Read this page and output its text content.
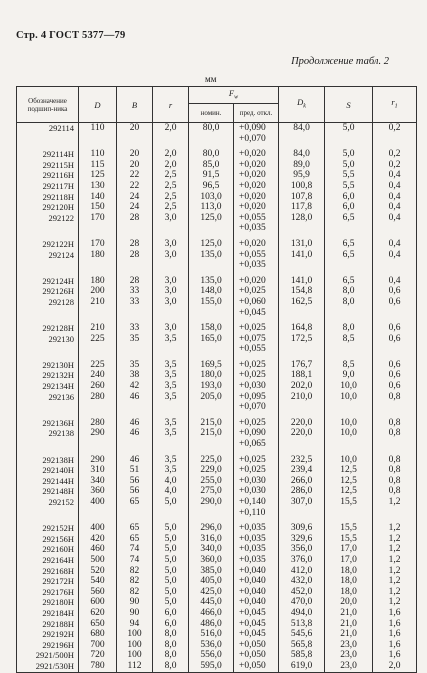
Стр. 4 ГОСТ 5377—79
Продолжение табл. 2
мм
Обозначение подшип-ника	D	B	r	$F_w$		$D_k$	S	$r_1$
				номин.	пред. откл.			
292114	110	20	2,0	80,0	+0,090	84,0	5,0	0,2
					+0,070			

292114Н	110	20	2,0	80,0	+0,020	84,0	5,0	0,2
292115Н	115	20	2,0	85,0	+0,020	89,0	5,0	0,2
292116Н	125	22	2,5	91,5	+0,020	95,9	5,5	0,4
292117Н	130	22	2,5	96,5	+0,020	100,8	5,5	0,4
292118Н	140	24	2,5	103,0	+0,020	107,8	6,0	0,4
292120Н	150	24	2,5	113,0	+0,020	117,8	6,0	0,4
292122	170	28	3,0	125,0	+0,055	128,0	6,5	0,4
					+0,035			

292122Н	170	28	3,0	125,0	+0,020	131,0	6,5	0,4
292124	180	28	3,0	135,0	+0,055	141,0	6,5	0,4
					+0,035			

292124Н	180	28	3,0	135,0	+0,020	141,0	6,5	0,4
292126Н	200	33	3,0	148,0	+0,025	154,8	8,0	0,6
292128	210	33	3,0	155,0	+0,060	162,5	8,0	0,6
					+0,045			

292128Н	210	33	3,0	158,0	+0,025	164,8	8,0	0,6
292130	225	35	3,5	165,0	+0,075	172,5	8,5	0,6
					+0,055			

292130Н	225	35	3,5	169,5	+0,025	176,7	8,5	0,6
292132Н	240	38	3,5	180,0	+0,025	188,1	9,0	0,6
292134Н	260	42	3,5	193,0	+0,030	202,0	10,0	0,6
292136	280	46	3,5	205,0	+0,095	210,0	10,0	0,8
					+0,070			

292136Н	280	46	3,5	215,0	+0,025	220,0	10,0	0,8
292138	290	46	3,5	215,0	+0,090	220,0	10,0	0,8
					+0,065			

292138Н	290	46	3,5	225,0	+0,025	232,5	10,0	0,8
292140Н	310	51	3,5	229,0	+0,025	239,4	12,5	0,8
292144Н	340	56	4,0	255,0	+0,030	266,0	12,5	0,8
292148Н	360	56	4,0	275,0	+0,030	286,0	12,5	0,8
292152	400	65	5,0	290,0	+0,140	307,0	15,5	1,2
					+0,110			

292152Н	400	65	5,0	296,0	+0,035	309,6	15,5	1,2
292156Н	420	65	5,0	316,0	+0,035	329,6	15,5	1,2
292160Н	460	74	5,0	340,0	+0,035	356,0	17,0	1,2
292164Н	500	74	5,0	360,0	+0,035	376,0	17,0	1,2
292168Н	520	82	5,0	385,0	+0,040	412,0	18,0	1,2
292172Н	540	82	5,0	405,0	+0,040	432,0	18,0	1,2
292176Н	560	82	5,0	425,0	+0,040	452,0	18,0	1,2
292180Н	600	90	5,0	445,0	+0,040	470,0	20,0	1,2
292184Н	620	90	6,0	466,0	+0,045	494,0	21,0	1,6
292188Н	650	94	6,0	486,0	+0,045	513,8	21,0	1,6
292192Н	680	100	8,0	516,0	+0,045	545,6	21,0	1,6
292196Н	700	100	8,0	536,0	+0,050	565,8	23,0	1,6
2921/500Н	720	100	8,0	556,0	+0,050	585,8	23,0	1,6
2921/530Н	780	112	8,0	595,0	+0,050	619,0	23,0	2,0
